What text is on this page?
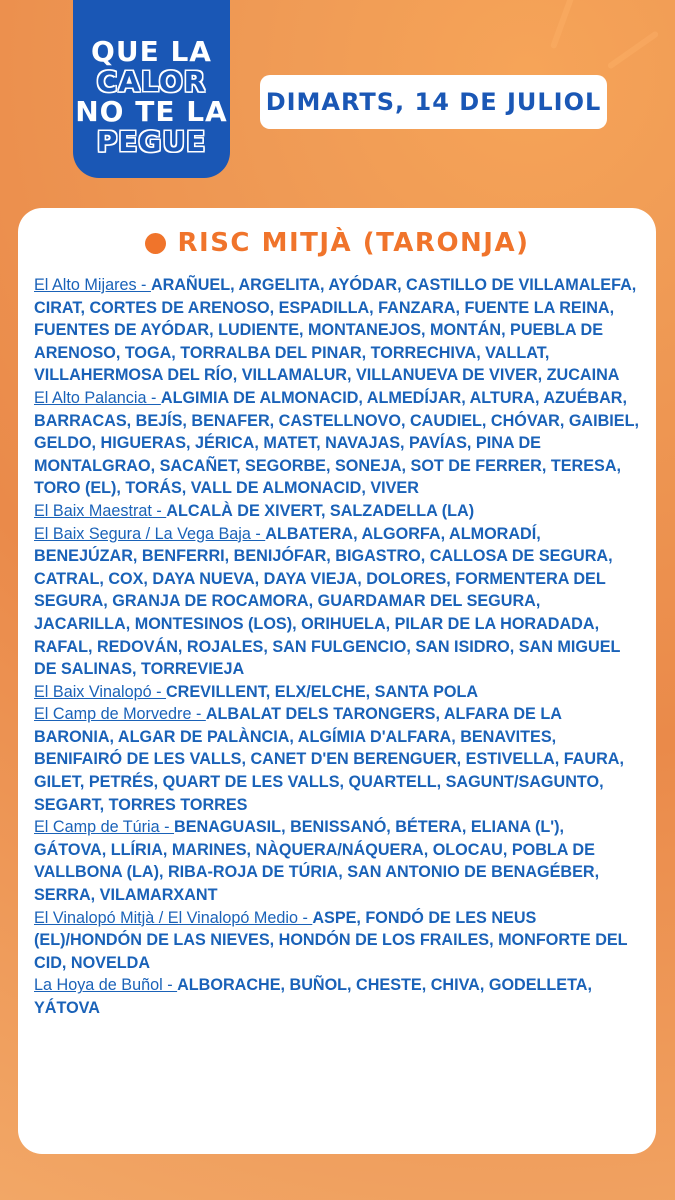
QUE LA
CALOR
NO TE LA
PEGUE
DIMARTS, 14 DE JULIOL
RISC MITJÀ (TARONJA)

El Alto Mijares - ARAÑUEL, ARGELITA, AYÓDAR, CASTILLO DE VILLAMALEFA, CIRAT, CORTES DE ARENOSO, ESPADILLA, FANZARA, FUENTE LA REINA, FUENTES DE AYÓDAR, LUDIENTE, MONTANEJOS, MONTÁN, PUEBLA DE ARENOSO, TOGA, TORRALBA DEL PINAR, TORRECHIVA, VALLAT, VILLAHERMOSA DEL RÍO, VILLAMALUR, VILLANUEVA DE VIVER, ZUCAINA

El Alto Palancia - ALGIMIA DE ALMONACID, ALMEDÍJAR, ALTURA, AZUÉBAR, BARRACAS, BEJÍS, BENAFER, CASTELLNOVO, CAUDIEL, CHÓVAR, GAIBIEL, GELDO, HIGUERAS, JÉRICA, MATET, NAVAJAS, PAVÍAS, PINA DE MONTALGRAO, SACAÑET, SEGORBE, SONEJA, SOT DE FERRER, TERESA, TORO (EL), TORÁS, VALL DE ALMONACID, VIVER

El Baix Maestrat - ALCALÀ DE XIVERT, SALZADELLA (LA)

El Baix Segura / La Vega Baja - ALBATERA, ALGORFA, ALMORADÍ, BENEJÚZAR, BENFERRI, BENIJÓFAR, BIGASTRO, CALLOSA DE SEGURA, CATRAL, COX, DAYA NUEVA, DAYA VIEJA, DOLORES, FORMENTERA DEL SEGURA, GRANJA DE ROCAMORA, GUARDAMAR DEL SEGURA, JACARILLA, MONTESINOS (LOS), ORIHUELA, PILAR DE LA HORADADA, RAFAL, REDOVÁN, ROJALES, SAN FULGENCIO, SAN ISIDRO, SAN MIGUEL DE SALINAS, TORREVIEJA

El Baix Vinalopó - CREVILLENT, ELX/ELCHE, SANTA POLA

El Camp de Morvedre - ALBALAT DELS TARONGERS, ALFARA DE LA BARONIA, ALGAR DE PALÀNCIA, ALGÍMIA D'ALFARA, BENAVITES, BENIFAIRÓ DE LES VALLS, CANET D'EN BERENGUER, ESTIVELLA, FAURA, GILET, PETRÉS, QUART DE LES VALLS, QUARTELL, SAGUNT/SAGUNTO, SEGART, TORRES TORRES

El Camp de Túria - BENAGUASIL, BENISSANÓ, BÉTERA, ELIANA (L'), GÁTOVA, LLÍRIA, MARINES, NÀQUERA/NÁQUERA, OLOCAU, POBLA DE VALLBONA (LA), RIBA-ROJA DE TÚRIA, SAN ANTONIO DE BENAGÉBER, SERRA, VILAMARXANT

El Vinalopó Mitjà / El Vinalopó Medio - ASPE, FONDÓ DE LES NEUS (EL)/HONDÓN DE LAS NIEVES, HONDÓN DE LOS FRAILES, MONFORTE DEL CID, NOVELDA

La Hoya de Buñol - ALBORACHE, BUÑOL, CHESTE, CHIVA, GODELLETA, YÁTOVA
